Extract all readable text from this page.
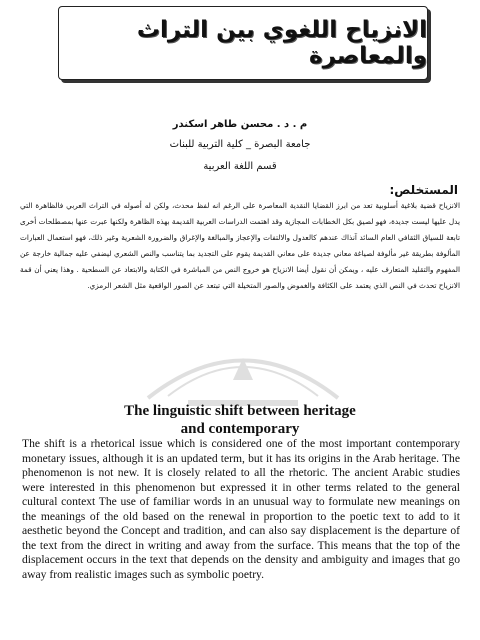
الانزياح اللغوي بين التراث والمعاصرة
م . د . محسن طاهر اسكندر
جامعة البصرة _ كلية التربية للبنات
قسم اللغة العربية
المستخلص:
الانزياح قضية بلاغية أسلوبية تعد من ابرز القضايا النقدية المعاصرة على الرغم انه لفظ محدث، ولكن له أصوله في التراث العربي فالظاهرة التي يدل عليها ليست جديدة، فهو لصيق بكل الخطابات المجازية وقد اهتمت الدراسات العربية القديمة بهذه الظاهرة ولكنها عبرت عنها بمصطلحات أخرى تابعة للسياق الثقافي العام السائد آنذاك عندهم كالعدول والالتفات والإعجاز والمبالغة والإغراق والضرورة الشعرية وغير ذلك، فهو استعمال العبارات المألوفة بطريقة غير مألوفة لصياغة معاني جديدة على معاني القديمة يقوم على التجديد بما يتناسب والنص الشعري ليضفي عليه جمالية خارجة عن المفهوم والتقليد المتعارف عليه ، ويمكن أن نقول أيضا الانزياح هو خروج النص من المباشرة في الكتابة والابتعاد عن السطحية . وهذا يعني أن قمة الانزياح تحدث في النص الذي يعتمد على الكثافة والغموض والصور المتخيلة التي تبتعد عن الصور الواقعية مثل الشعر الرمزي.
The linguistic shift between heritage
and contemporary
The shift is a rhetorical issue which is considered one of the most important contemporary monetary issues, although it is an updated term, but it has its origins in the Arab heritage. The phenomenon is not new. It is closely related to all the rhetoric. The ancient Arabic studies were interested in this phenomenon but expressed it in other terms related to the general cultural context The use of familiar words in an unusual way to formulate new meanings on the meanings of the old based on the renewal in proportion to the poetic text to add to it aesthetic beyond the Concept and tradition, and can also say displacement is the departure of the text from the direct in writing and away from the surface. This means that the top of the displacement occurs in the text that depends on the density and ambiguity and images that go away from realistic images such as symbolic poetry.
